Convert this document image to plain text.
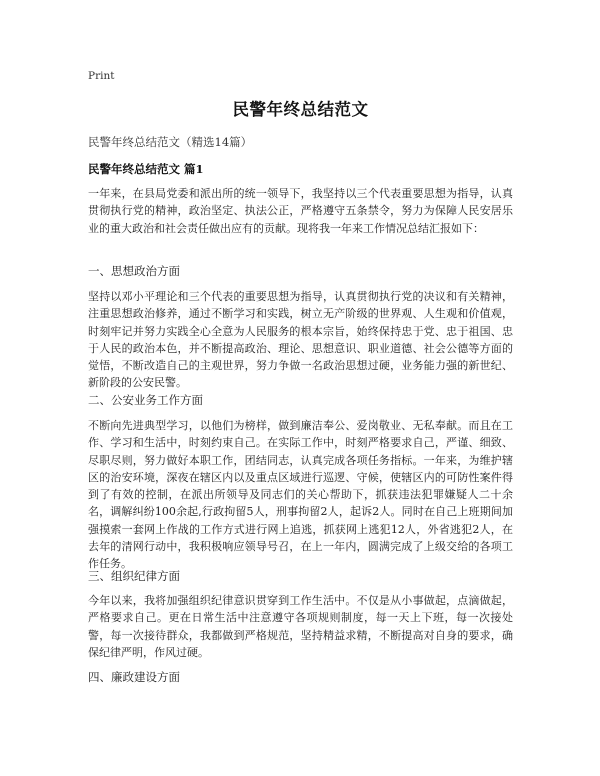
Print
民警年终总结范文
民警年终总结范文（精选14篇）
民警年终总结范文 篇1

一年来，在县局党委和派出所的统一领导下，我坚持以三个代表重要思想为指导，认真贯彻执行党的精神，政治坚定、执法公正，严格遵守五条禁令，努力为保障人民安居乐业的重大政治和社会责任做出应有的贡献。现将我一年来工作情况总结汇报如下：

一、思想政治方面

坚持以邓小平理论和三个代表的重要思想为指导，认真贯彻执行党的决议和有关精神，注重思想政治修养，通过不断学习和实践，树立无产阶级的世界观、人生观和价值观，时刻牢记并努力实践全心全意为人民服务的根本宗旨，始终保持忠于党、忠于祖国、忠于人民的政治本色，并不断提高政治、理论、思想意识、职业道德、社会公德等方面的觉悟，不断改造自己的主观世界，努力争做一名政治思想过硬，业务能力强的新世纪、新阶段的公安民警。

二、公安业务工作方面

不断向先进典型学习，以他们为榜样，做到廉洁奉公、爱岗敬业、无私奉献。而且在工作、学习和生活中，时刻约束自己。在实际工作中，时刻严格要求自己，严谨、细致、尽职尽则，努力做好本职工作，团结同志，认真完成各项任务指标。一年来，为维护辖区的治安环境，深夜在辖区内以及重点区域进行巡逻、守候，使辖区内的可防性案件得到了有效的控制，在派出所领导及同志们的关心帮助下，抓获违法犯罪嫌疑人二十余名，调解纠纷100余起,行政拘留5人，刑事拘留2人，起诉2人。同时在自己上班期间加强摸索一套网上作战的工作方式进行网上追逃，抓获网上逃犯12人，外省逃犯2人，在去年的清网行动中，我积极响应领导号召，在上一年内，圆满完成了上级交给的各项工作任务。

三、组织纪律方面

今年以来，我将加强组织纪律意识贯穿到工作生活中。不仅是从小事做起，点滴做起，严格要求自己。更在日常生活中注意遵守各项规则制度，每一天上下班，每一次接处警，每一次接待群众，我都做到严格规范，坚持精益求精，不断提高对自身的要求，确保纪律严明，作风过硬。

四、廉政建设方面
